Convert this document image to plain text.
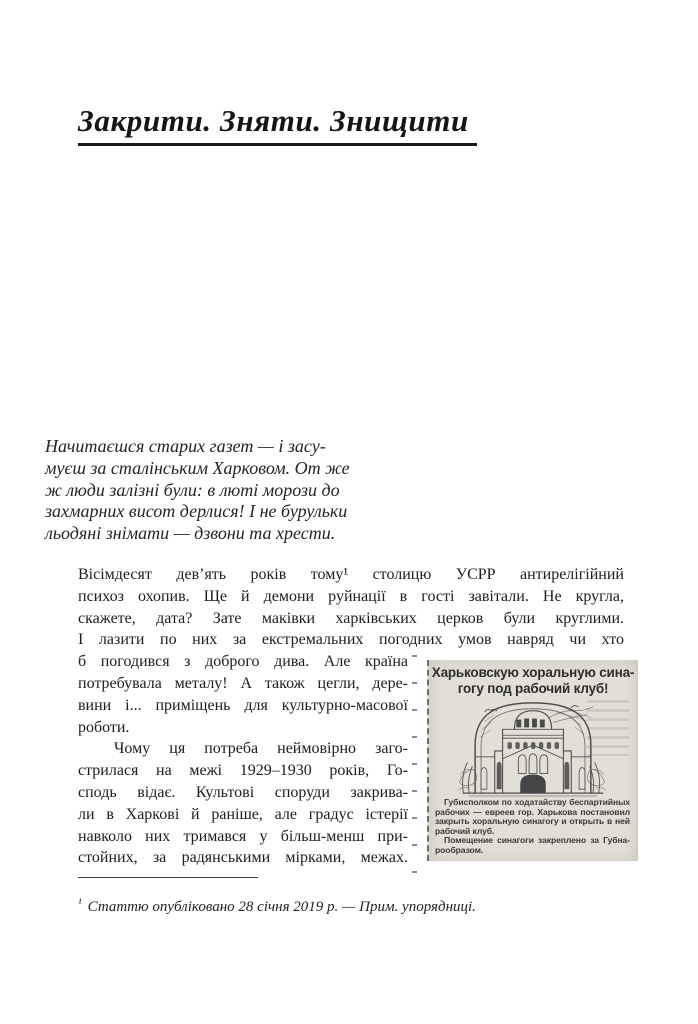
Закрити. Зняти. Знищити
Начитаєшся старих газет — і засу-
муєш за сталінським Харковом. От же
ж люди залізні були: в люті морози до
захмарних висот дерлися! І не бурульки
льодяні знімати — дзвони та хрести.
Вісімдесят дев’ять років тому¹ столицю УСРР антирелігійний
психоз охопив. Ще й демони руйнації в гості завітали. Не кругла,
скажете, дата? Зате маківки харківських церков були круглими.
І лазити по них за екстремальних погодних умов навряд чи хто
б погодився з доброго дива. Але країна
потребувала металу! А також цегли, дере-
вини і... приміщень для культурно-масової
роботи.
Чому ця потреба неймовірно заго-
стрилася на межі 1929–1930 років, Го-
сподь відає. Культові споруди закрива-
ли в Харкові й раніше, але градус істерії
навколо них тримався у більш-менш при-
стойних, за радянськими мірками, межах.
Харьковскую хоральную сина-
гогу под рабочий клуб!
Губисполком по ходатайству беспартийных
рабочих — евреев гор. Харькова постановил
закрыть хоральную синагогу и открыть в ней
рабочий клуб.
Помещение синагоги закреплено за Губна-
рообразом.
$^{^1}$ Статтю опубліковано 28 січня 2019 р. — Прим. упорядниці.
